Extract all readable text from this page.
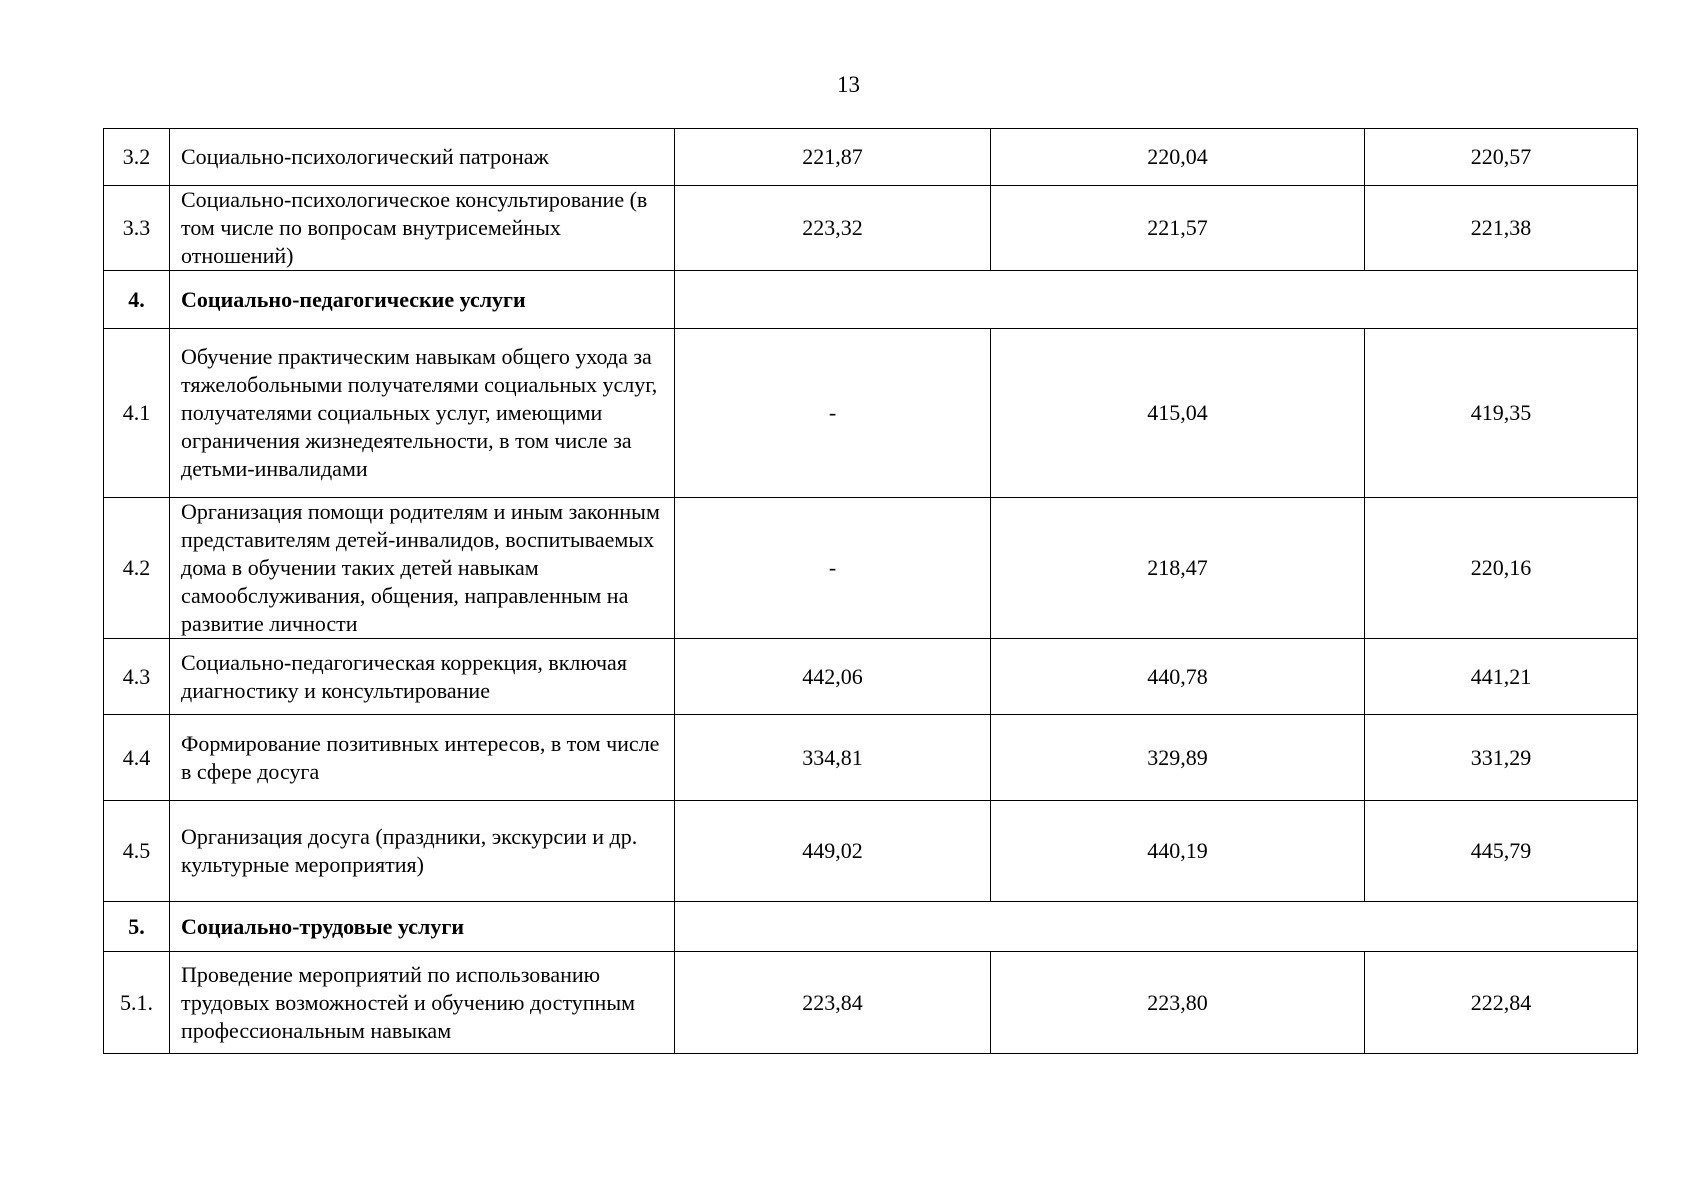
13
3.2	Социально-психологический патронаж	221,87	220,04	220,57
3.3	Социально-психологическое консультирование (в том числе по вопросам внутрисемейных отношений)	223,32	221,57	221,38
4.	Социально-педагогические услуги			
4.1	Обучение практическим навыкам общего ухода за тяжелобольными получателями социальных услуг, получателями социальных услуг, имеющими ограничения жизнедеятельности, в том числе за детьми-инвалидами	-	415,04	419,35
4.2	Организация помощи родителям и иным законным представителям детей-инвалидов, воспитываемых дома в обучении таких детей навыкам самообслуживания, общения, направленным на развитие личности	-	218,47	220,16
4.3	Социально-педагогическая коррекция, включая диагностику и консультирование	442,06	440,78	441,21
4.4	Формирование позитивных интересов, в том числе в сфере досуга	334,81	329,89	331,29
4.5	Организация досуга (праздники, экскурсии и др. культурные мероприятия)	449,02	440,19	445,79
5.	Социально-трудовые услуги			
5.1.	Проведение мероприятий по использованию трудовых возможностей и обучению доступным профессиональным навыкам	223,84	223,80	222,84
